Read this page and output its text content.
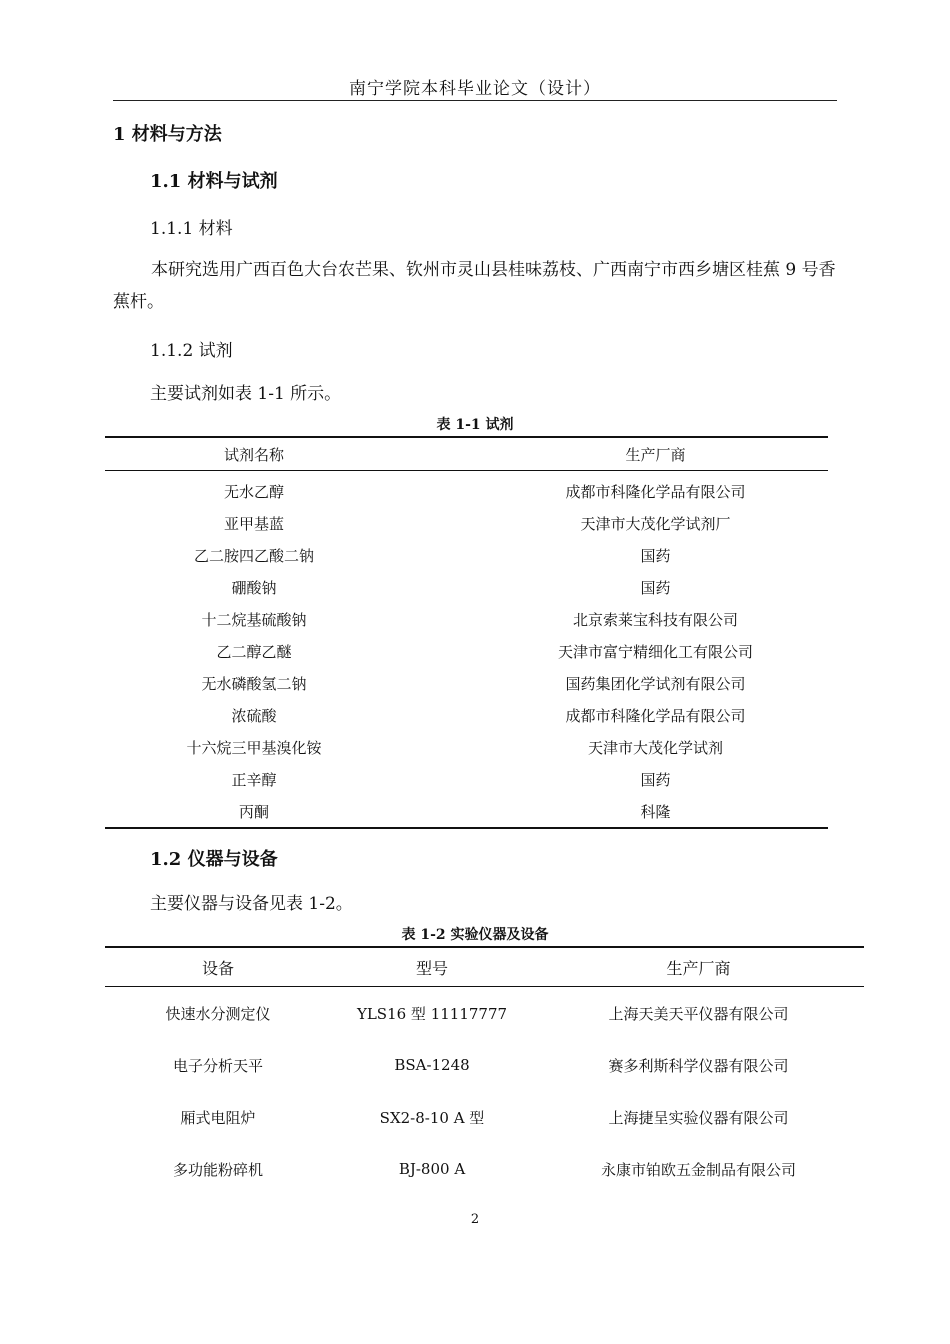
南宁学院本科毕业论文（设计）
1 材料与方法
1.1 材料与试剂
1.1.1 材料
本研究选用广西百色大台农芒果、钦州市灵山县桂味荔枝、广西南宁市西乡塘区桂蕉 9 号香蕉杆。
1.1.2 试剂
主要试剂如表 1-1 所示。
表 1-1 试剂
试剂名称	生产厂商
无水乙醇	成都市科隆化学品有限公司
亚甲基蓝	天津市大茂化学试剂厂
乙二胺四乙酸二钠	国药
硼酸钠	国药
十二烷基硫酸钠	北京索莱宝科技有限公司
乙二醇乙醚	天津市富宁精细化工有限公司
无水磷酸氢二钠	国药集团化学试剂有限公司
浓硫酸	成都市科隆化学品有限公司
十六烷三甲基溴化铵	天津市大茂化学试剂
正辛醇	国药
丙酮	科隆
1.2 仪器与设备
主要仪器与设备见表 1-2。
表 1-2 实验仪器及设备
设备	型号	生产厂商
快速水分测定仪	YLS16 型 11117777	上海天美天平仪器有限公司
电子分析天平	BSA-1248	赛多利斯科学仪器有限公司
厢式电阻炉	SX2-8-10 A 型	上海捷呈实验仪器有限公司
多功能粉碎机	BJ-800 A	永康市铂欧五金制品有限公司
2
